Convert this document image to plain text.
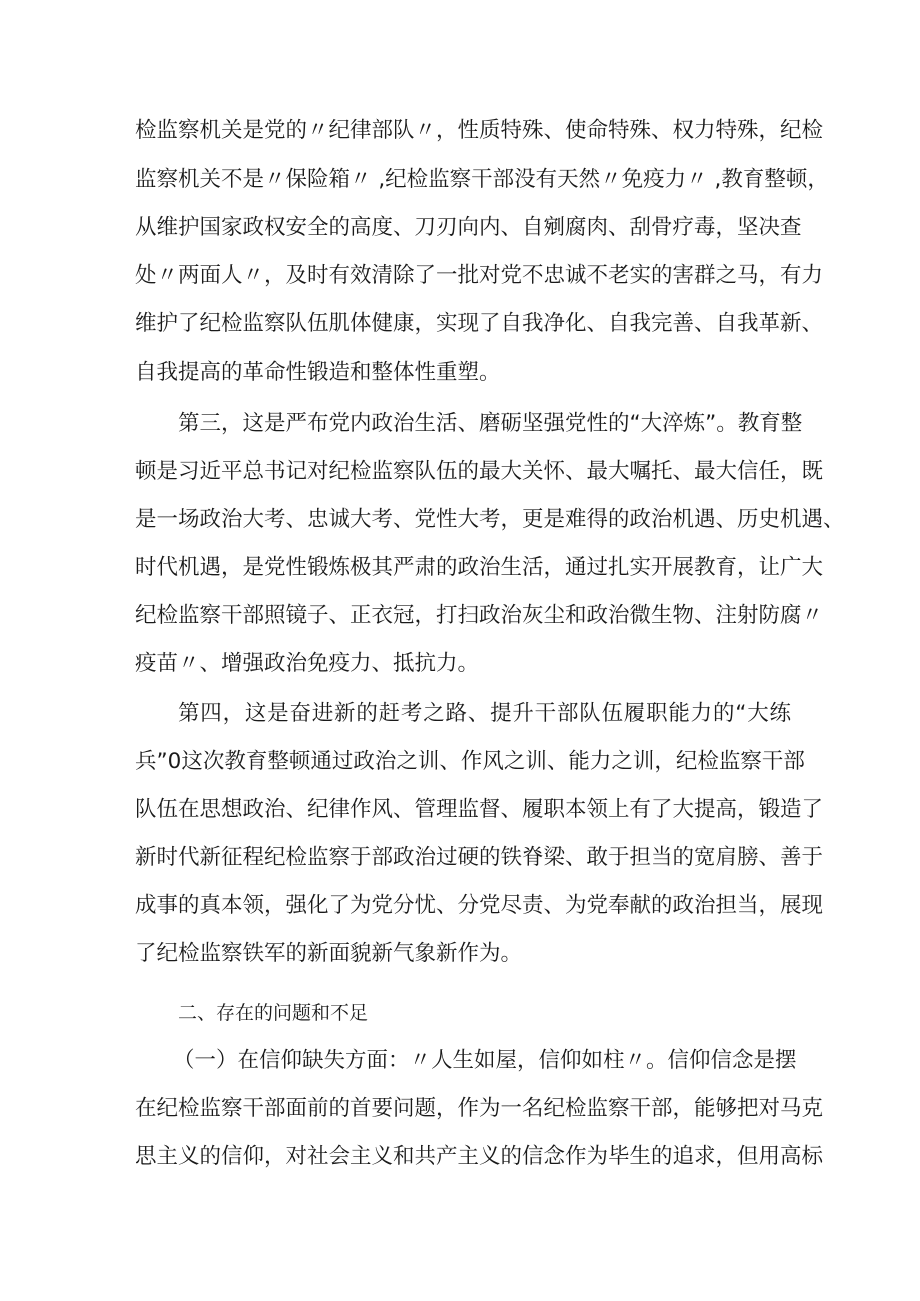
检监察机关是党的〃纪律部队〃，性质特殊、使命特殊、权力特殊，纪检
监察机关不是〃保险箱〃 ,纪检监察干部没有天然〃免疫力〃 ,教育整顿，
从维护国家政权安全的高度、刀刃向内、自剜腐肉、刮骨疗毒，坚决查
处〃两面人〃，及时有效清除了一批对党不忠诚不老实的害群之马，有力
维护了纪检监察队伍肌体健康，实现了自我净化、自我完善、自我革新、
自我提高的革命性锻造和整体性重塑。
第三，这是严布党内政治生活、磨砺坚强党性的“大淬炼”。教育整
顿是习近平总书记对纪检监察队伍的最大关怀、最大嘱托、最大信任，既
是一场政治大考、忠诚大考、党性大考，更是难得的政治机遇、历史机遇、
时代机遇，是党性锻炼极其严肃的政治生活，通过扎实开展教育，让广大
纪检监察干部照镜子、正衣冠，打扫政治灰尘和政治微生物、注射防腐〃
疫苗〃、增强政治免疫力、抵抗力。
第四，这是奋进新的赶考之路、提升干部队伍履职能力的“大练
兵”0这次教育整顿通过政治之训、作风之训、能力之训，纪检监察干部
队伍在思想政治、纪律作风、管理监督、履职本领上有了大提高，锻造了
新时代新征程纪检监察于部政治过硬的铁脊梁、敢于担当的宽肩膀、善于
成事的真本领，强化了为党分忧、分党尽责、为党奉献的政治担当，展现
了纪检监察铁军的新面貌新气象新作为。
二、存在的问题和不足
（一）在信仰缺失方面：〃人生如屋，信仰如柱〃。信仰信念是摆
在纪检监察干部面前的首要问题，作为一名纪检监察干部，能够把对马克
思主义的信仰，对社会主义和共产主义的信念作为毕生的追求，但用高标
